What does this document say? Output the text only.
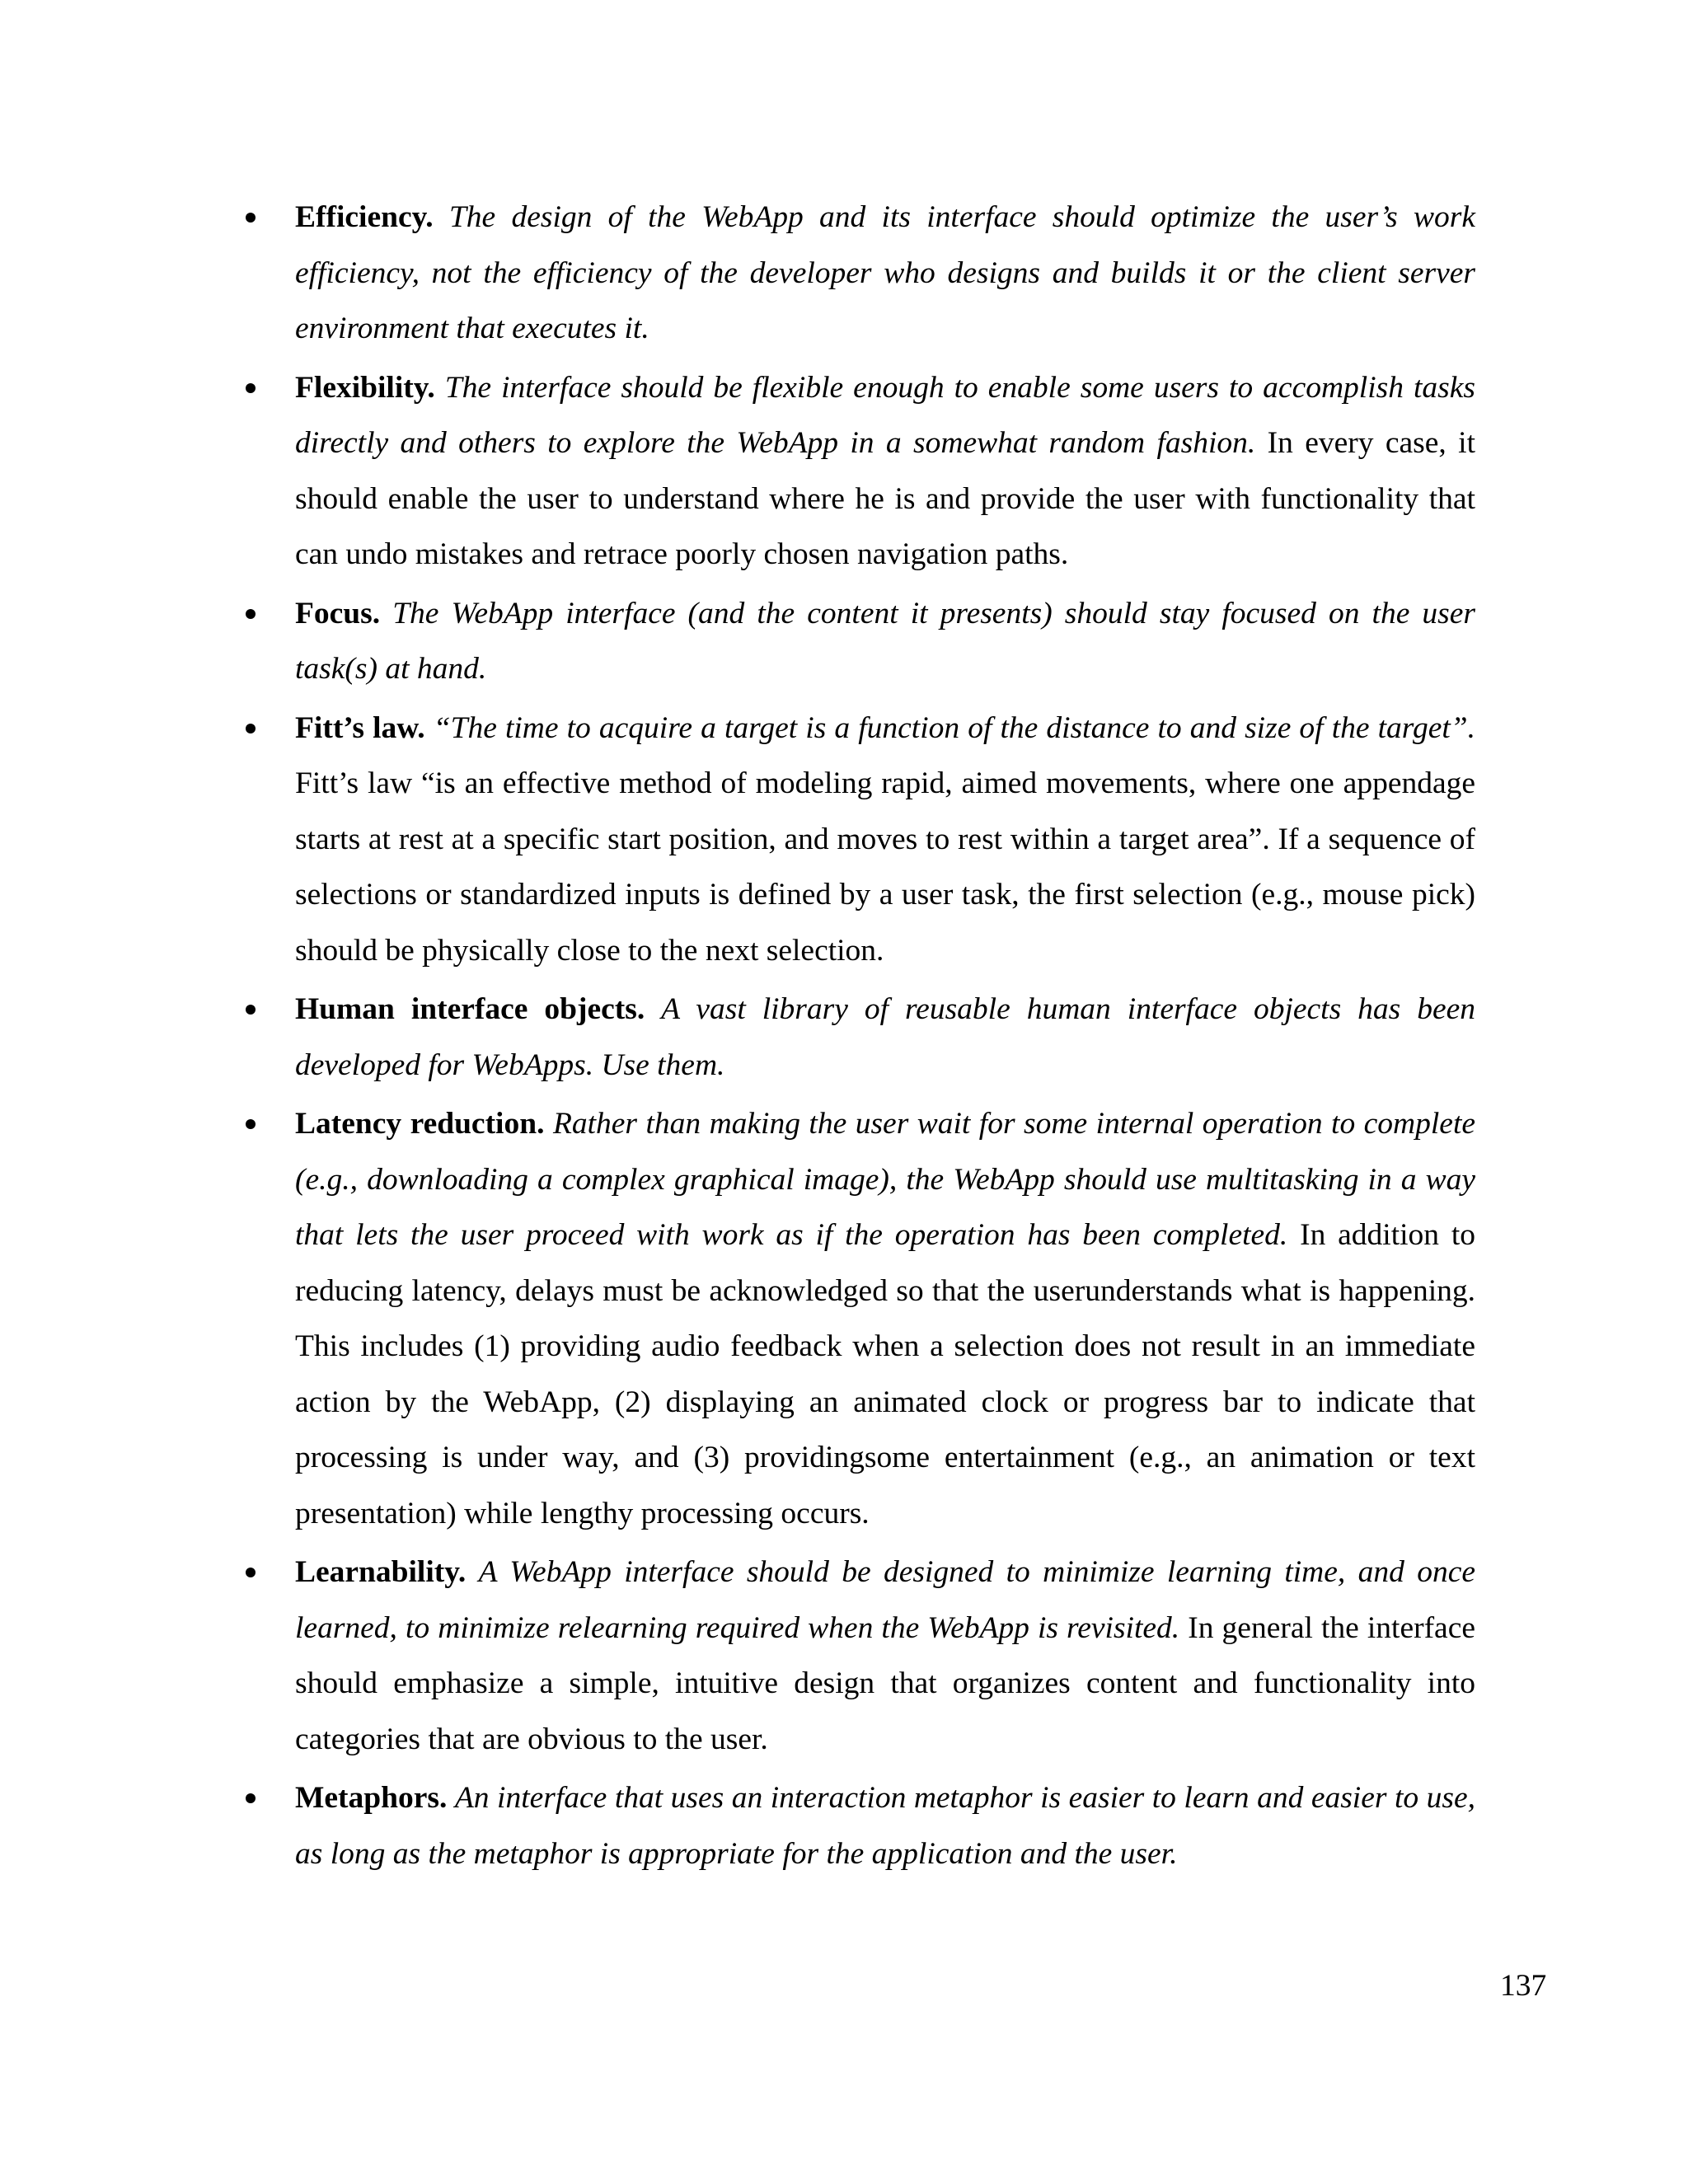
Efficiency. The design of the WebApp and its interface should optimize the user’s work efficiency, not the efficiency of the developer who designs and builds it or the client server environment that executes it.
Flexibility. The interface should be flexible enough to enable some users to accomplish tasks directly and others to explore the WebApp in a somewhat random fashion. In every case, it should enable the user to understand where he is and provide the user with functionality that can undo mistakes and retrace poorly chosen navigation paths.
Focus. The WebApp interface (and the content it presents) should stay focused on the user task(s) at hand.
Fitt’s law. “The time to acquire a target is a function of the distance to and size of the target”. Fitt’s law “is an effective method of modeling rapid, aimed movements, where one appendage starts at rest at a specific start position, and moves to rest within a target area”. If a sequence of selections or standardized inputs is defined by a user task, the first selection (e.g., mouse pick) should be physically close to the next selection.
Human interface objects. A vast library of reusable human interface objects has been developed for WebApps. Use them.
Latency reduction. Rather than making the user wait for some internal operation to complete (e.g., downloading a complex graphical image), the WebApp should use multitasking in a way that lets the user proceed with work as if the operation has been completed. In addition to reducing latency, delays must be acknowledged so that the userunderstands what is happening. This includes (1) providing audio feedback when a selection does not result in an immediate action by the WebApp, (2) displaying an animated clock or progress bar to indicate that processing is under way, and (3) providingsome entertainment (e.g., an animation or text presentation) while lengthy processing occurs.
Learnability. A WebApp interface should be designed to minimize learning time, and once learned, to minimize relearning required when the WebApp is revisited. In general the interface should emphasize a simple, intuitive design that organizes content and functionality into categories that are obvious to the user.
Metaphors. An interface that uses an interaction metaphor is easier to learn and easier to use, as long as the metaphor is appropriate for the application and the user.
137
